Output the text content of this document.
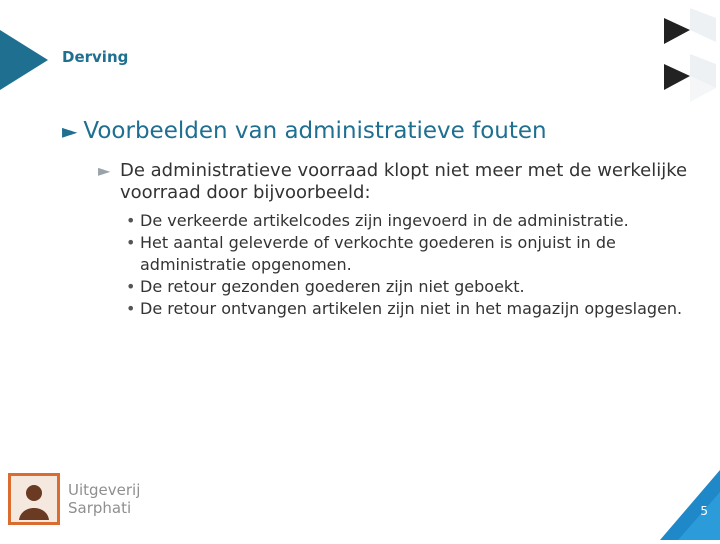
Derving
► Voorbeelden van administratieve fouten
► De administratieve voorraad klopt niet meer met de werkelijke voorraad door bijvoorbeeld:
• De verkeerde artikelcodes zijn ingevoerd in de administratie.
• Het aantal geleverde of verkochte goederen is onjuist in de administratie opgenomen.
• De retour gezonden goederen zijn niet geboekt.
• De retour ontvangen artikelen zijn niet in het magazijn opgeslagen.
Uitgeverij
Sarphati	5
